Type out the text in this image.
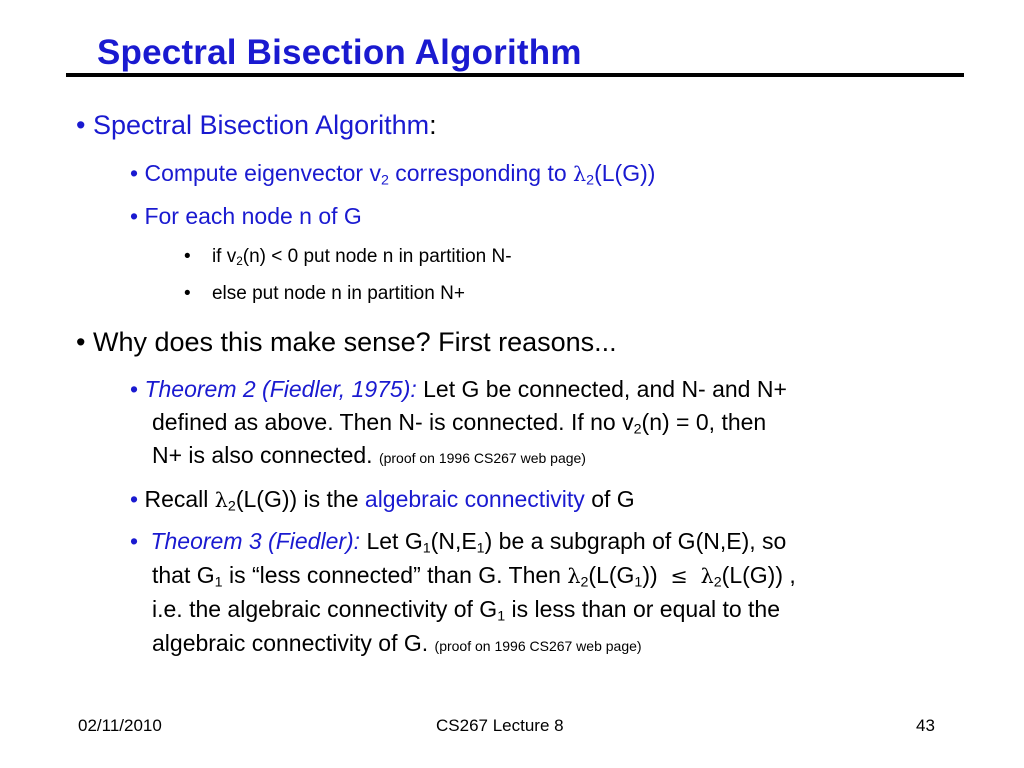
Spectral Bisection Algorithm
• Spectral Bisection Algorithm:
• Compute eigenvector $v_2$ corresponding to $\lambda_2(L(G))$
• For each node n of G
• if $v_2(n) < 0$ put node n in partition N-
• else put node n in partition N+
• Why does this make sense? First reasons...
• Theorem 2 (Fiedler, 1975): Let G be connected, and N- and N+
defined as above. Then N- is connected. If no $v_2(n) = 0$, then
N+ is also connected. (proof on 1996 CS267 web page)
• Recall $\lambda_2(L(G))$ is the algebraic connectivity of G
• Theorem 3 (Fiedler): Let $G_1(N,E_1)$ be a subgraph of G(N,E), so
that $G_1$ is “less connected” than G. Then $\lambda_2(L(G_1)) \le \lambda_2(L(G))$ ,
i.e. the algebraic connectivity of $G_1$ is less than or equal to the
algebraic connectivity of G. (proof on 1996 CS267 web page)
02/11/2010	CS267 Lecture 8	43
